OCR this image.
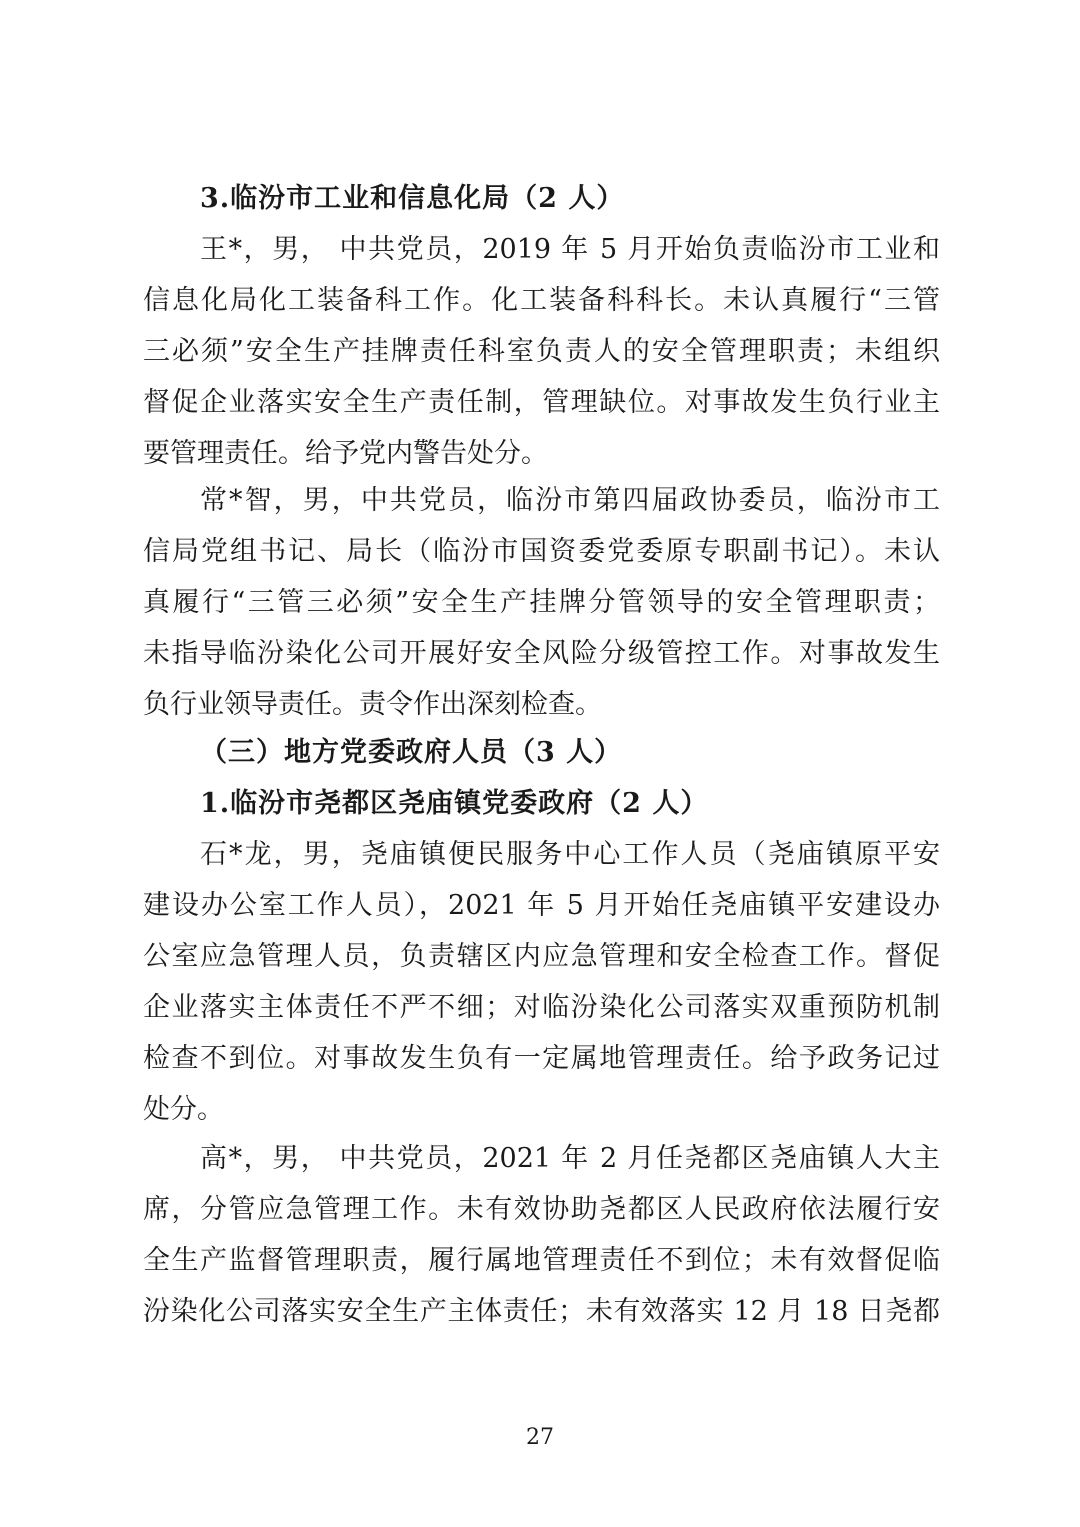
3.临汾市工业和信息化局（2 人）
王*，男， 中共党员，2019 年 5 月开始负责临汾市工业和
信息化局化工装备科工作。化工装备科科长。未认真履行“三管
三必须”安全生产挂牌责任科室负责人的安全管理职责；未组织
督促企业落实安全生产责任制，管理缺位。对事故发生负行业主
要管理责任。给予党内警告处分。
常*智，男，中共党员，临汾市第四届政协委员，临汾市工
信局党组书记、局长（临汾市国资委党委原专职副书记）。未认
真履行“三管三必须”安全生产挂牌分管领导的安全管理职责；
未指导临汾染化公司开展好安全风险分级管控工作。对事故发生
负行业领导责任。责令作出深刻检查。
（三）地方党委政府人员（3 人）
1.临汾市尧都区尧庙镇党委政府（2 人）
石*龙，男，尧庙镇便民服务中心工作人员（尧庙镇原平安
建设办公室工作人员），2021 年 5 月开始任尧庙镇平安建设办
公室应急管理人员，负责辖区内应急管理和安全检查工作。督促
企业落实主体责任不严不细；对临汾染化公司落实双重预防机制
检查不到位。对事故发生负有一定属地管理责任。给予政务记过
处分。
高*，男， 中共党员，2021 年 2 月任尧都区尧庙镇人大主
席，分管应急管理工作。未有效协助尧都区人民政府依法履行安
全生产监督管理职责，履行属地管理责任不到位；未有效督促临
汾染化公司落实安全生产主体责任；未有效落实 12 月 18 日尧都
27
